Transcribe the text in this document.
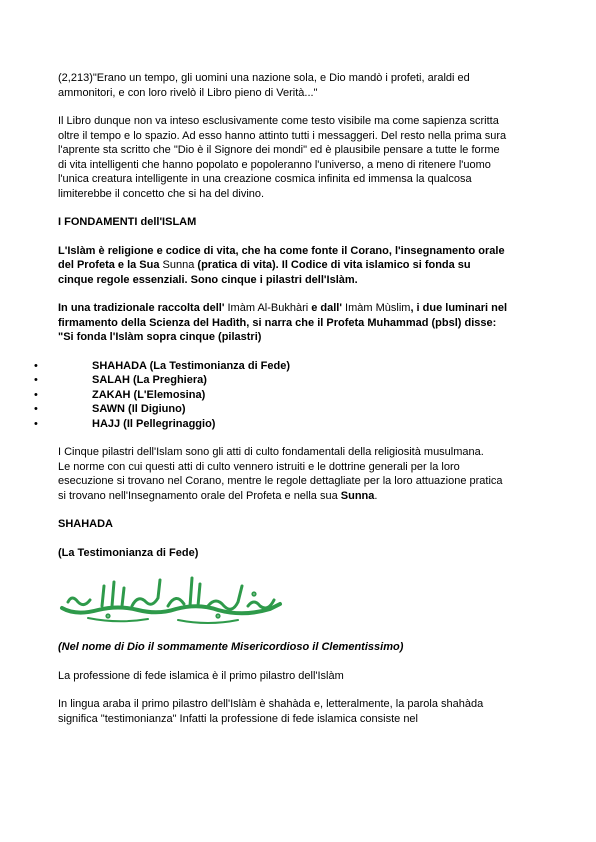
(2,213)"Erano un tempo, gli uomini una nazione sola, e Dio mandò i profeti, araldi ed ammonitori, e con loro rivelò il Libro pieno di Verità..."

Il Libro dunque non va inteso esclusivamente come testo visibile ma come sapienza scritta oltre il tempo e lo spazio. Ad esso hanno attinto tutti i messaggeri. Del resto nella prima sura l'aprente sta scritto che "Dio è il Signore dei mondi" ed è plausibile pensare a tutte le forme di vita intelligenti che hanno popolato e popoleranno l'universo, a meno di ritenere l'uomo l'unica creatura intelligente in una creazione cosmica infinita ed immensa la qualcosa limiterebbe il concetto che si ha del divino.

I FONDAMENTI dell'ISLAM

L'Islàm è religione e codice di vita, che ha come fonte il Corano, l'insegnamento orale del Profeta e la Sua Sunna (pratica di vita). Il Codice di vita islamico si fonda su cinque regole essenziali. Sono cinque i pilastri dell'Islàm.

In una tradizionale raccolta dell' Imàm Al-Bukhàri e dall' Imàm Mùslim, i due luminari nel firmamento della Scienza del Hadìth, si narra che il Profeta Muhammad (pbsl) disse:

"Si fonda l'Islàm sopra cinque (pilastri)

•	SHAHADA (La Testimonianza di Fede)
•	SALAH (La Preghiera)
•	ZAKAH (L'Elemosina)
•	SAWN (Il Digiuno)
•	HAJJ (Il Pellegrinaggio)

I Cinque pilastri dell'Islam sono gli atti di culto fondamentali della religiosità musulmana.

Le norme con cui questi atti di culto vennero istruiti e le dottrine generali per la loro esecuzione si trovano nel Corano, mentre le regole dettagliate per la loro attuazione pratica si trovano nell'Insegnamento orale del Profeta e nella sua Sunna.

SHAHADA

(La Testimonianza di Fede)

(Nel nome di Dio il sommamente Misericordioso il Clementissimo)

La professione di fede islamica è il primo pilastro dell'Islàm

In lingua araba il primo pilastro dell'Islàm è shahàda e, letteralmente, la parola shahàda significa "testimonianza" Infatti la professione di fede islamica consiste nel
